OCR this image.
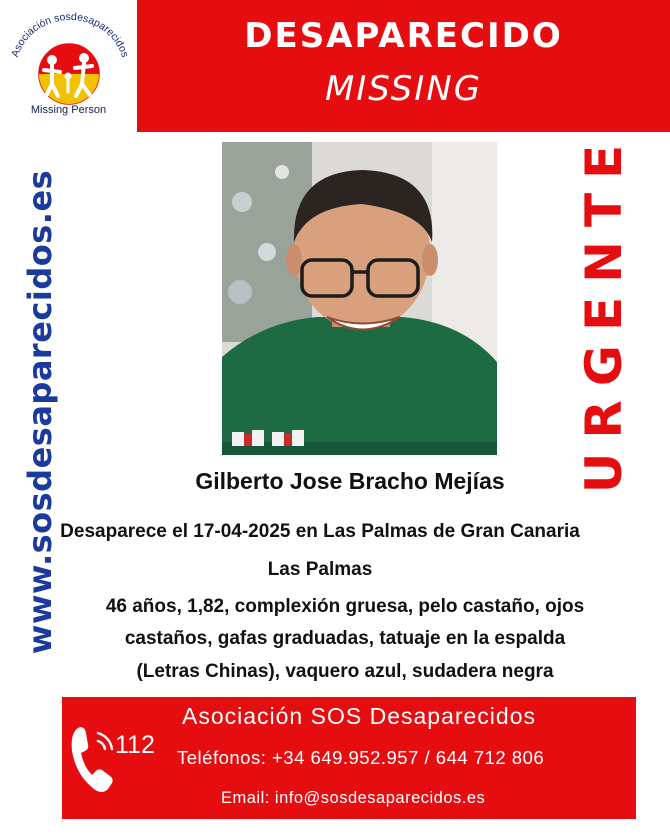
Asociación sosdesaparecidos
Missing Person
DESAPARECIDO
MISSING
www.sosdesaparecidos.es	URGENTE
Gilberto Jose Bracho Mejías
Desaparece el 17-04-2025 en Las Palmas de Gran Canaria
Las Palmas
46 años, 1,82, complexión gruesa, pelo castaño, ojos
castaños, gafas graduadas, tatuaje en la espalda
(Letras Chinas), vaquero azul, sudadera negra
112
Asociación SOS Desaparecidos
Teléfonos: +34 649.952.957 / 644 712 806
Email: info@sosdesaparecidos.es
